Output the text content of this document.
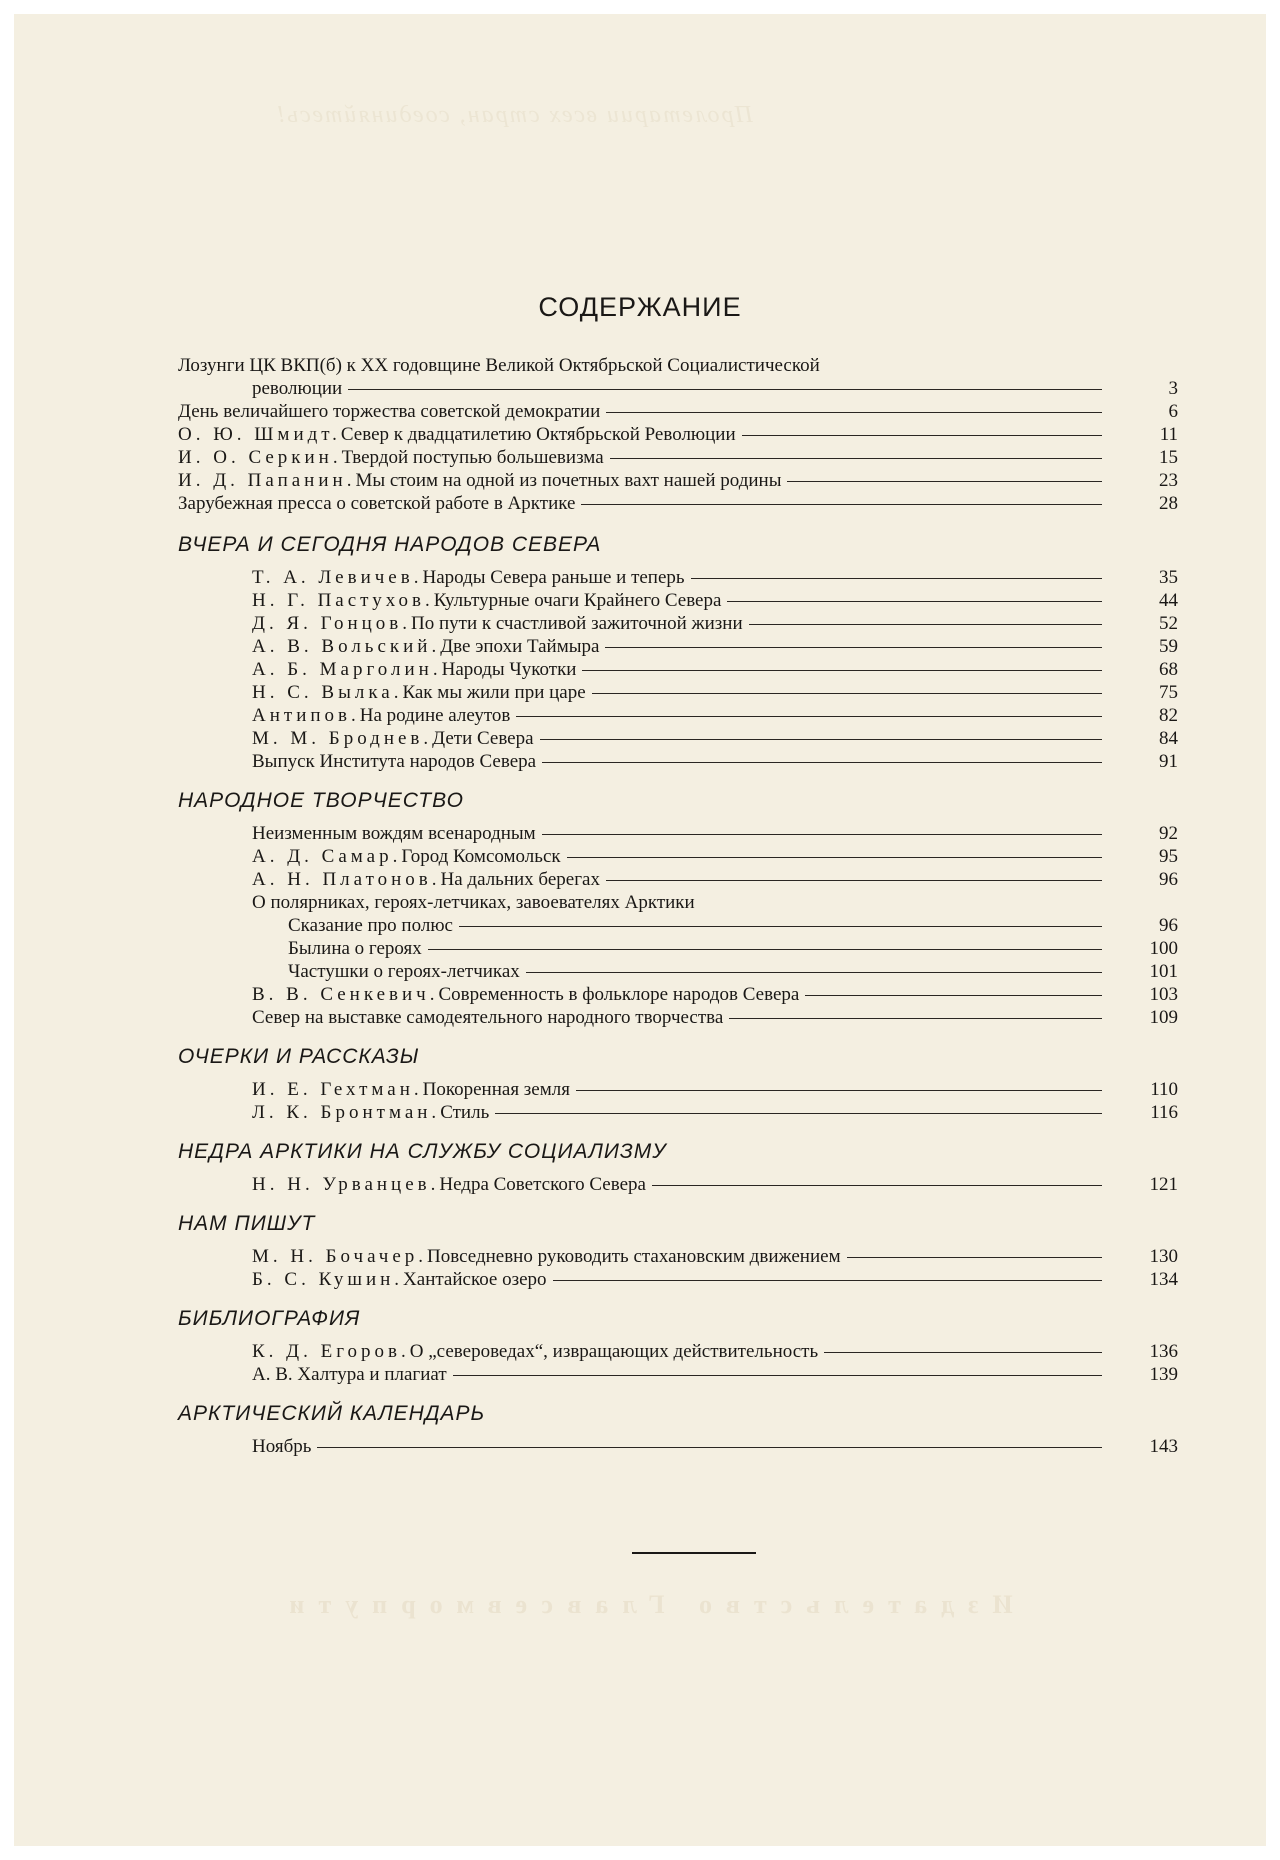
Пролетарии всех стран, соединяйтесь!
СОДЕРЖАНИЕ
Лозунги ЦК ВКП(б) к XX годовщине Великой Октябрьской Социалистической
революции	3
День величайшего торжества советской демократии	6
О. Ю. Шмидт. Север к двадцатилетию Октябрьской Революции	11
И. О. Серкин. Твердой поступью большевизма	15
И. Д. Папанин. Мы стоим на одной из почетных вахт нашей родины	23
Зарубежная пресса о советской работе в Арктике	28
ВЧЕРА И СЕГОДНЯ НАРОДОВ СЕВЕРА
Т. А. Левичев. Народы Севера раньше и теперь	35
Н. Г. Пастухов. Культурные очаги Крайнего Севера	44
Д. Я. Гонцов. По пути к счастливой зажиточной жизни	52
А. В. Вольский. Две эпохи Таймыра	59
А. Б. Марголин. Народы Чукотки	68
Н. С. Вылка. Как мы жили при царе	75
Антипов. На родине алеутов	82
М. М. Броднев. Дети Севера	84
Выпуск Института народов Севера	91
НАРОДНОЕ ТВОРЧЕСТВО
Неизменным вождям всенародным	92
А. Д. Самар. Город Комсомольск	95
А. Н. Платонов. На дальних берегах	96
О полярниках, героях-летчиках, завоевателях Арктики
Сказание про полюс	96
Былина о героях	100
Частушки о героях-летчиках	101
В. В. Сенкевич. Современность в фольклоре народов Севера	103
Север на выставке самодеятельного народного творчества	109
ОЧЕРКИ И РАССКАЗЫ
И. Е. Гехтман. Покоренная земля	110
Л. К. Бронтман. Стиль	116
НЕДРА АРКТИКИ НА СЛУЖБУ СОЦИАЛИЗМУ
Н. Н. Урванцев. Недра Советского Севера	121
НАМ ПИШУТ
М. Н. Бочачер. Повседневно руководить стахановским движением	130
Б. С. Кушин. Хантайское озеро	134
БИБЛИОГРАФИЯ
К. Д. Егоров. О „североведах“, извращающих действительность	136
А. В. Халтура и плагиат	139
АРКТИЧЕСКИЙ КАЛЕНДАРЬ
Ноябрь	143
Издательство Главсевморпути
